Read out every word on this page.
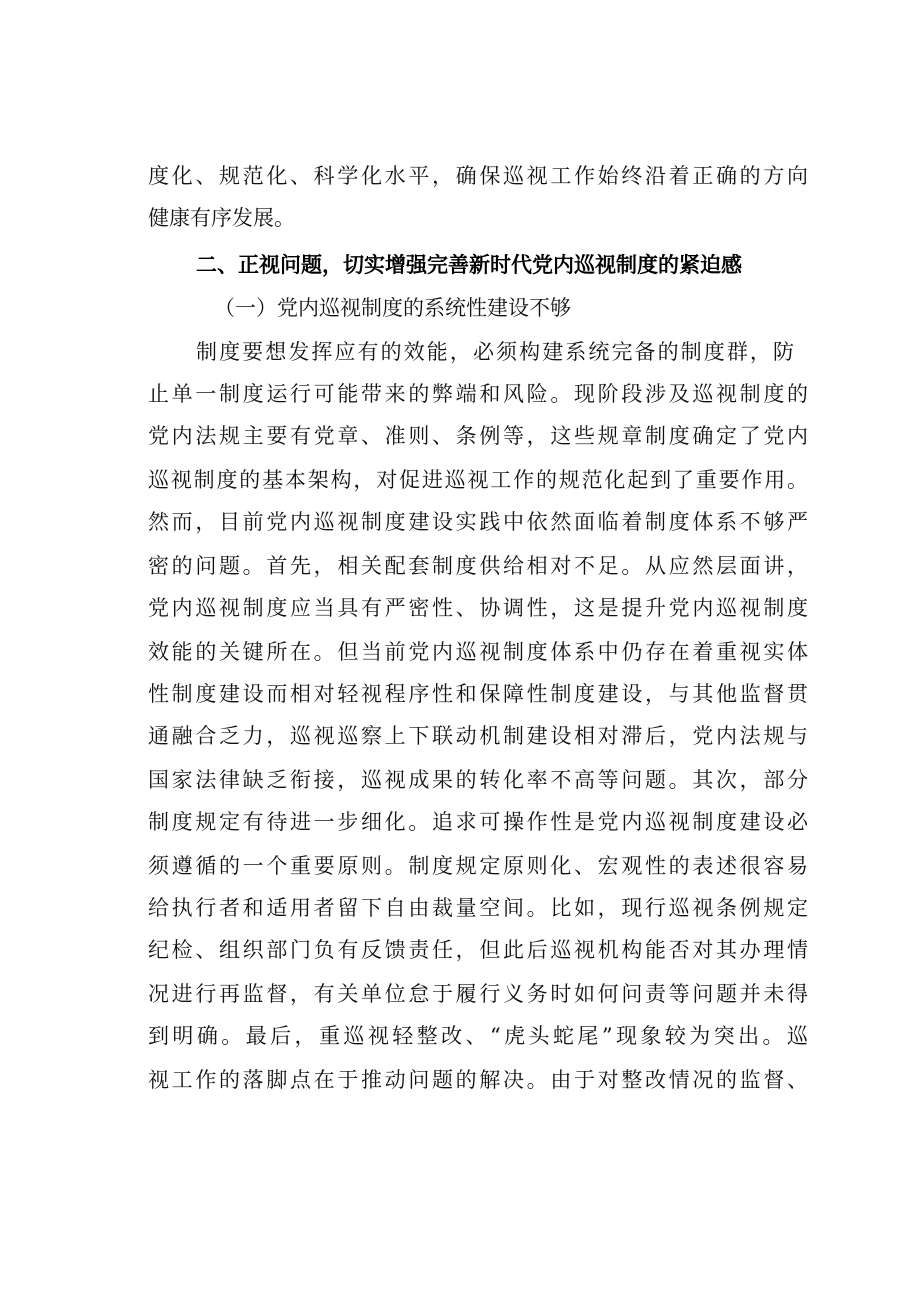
度化、规范化、科学化水平，确保巡视工作始终沿着正确的方向
健康有序发展。
二、正视问题，切实增强完善新时代党内巡视制度的紧迫感
（一）党内巡视制度的系统性建设不够
制度要想发挥应有的效能，必须构建系统完备的制度群，防
止单一制度运行可能带来的弊端和风险。现阶段涉及巡视制度的
党内法规主要有党章、准则、条例等，这些规章制度确定了党内
巡视制度的基本架构，对促进巡视工作的规范化起到了重要作用。
然而，目前党内巡视制度建设实践中依然面临着制度体系不够严
密的问题。首先，相关配套制度供给相对不足。从应然层面讲，
党内巡视制度应当具有严密性、协调性，这是提升党内巡视制度
效能的关键所在。但当前党内巡视制度体系中仍存在着重视实体
性制度建设而相对轻视程序性和保障性制度建设，与其他监督贯
通融合乏力，巡视巡察上下联动机制建设相对滞后，党内法规与
国家法律缺乏衔接，巡视成果的转化率不高等问题。其次，部分
制度规定有待进一步细化。追求可操作性是党内巡视制度建设必
须遵循的一个重要原则。制度规定原则化、宏观性的表述很容易
给执行者和适用者留下自由裁量空间。比如，现行巡视条例规定
纪检、组织部门负有反馈责任，但此后巡视机构能否对其办理情
况进行再监督，有关单位怠于履行义务时如何问责等问题并未得
到明确。最后，重巡视轻整改、“虎头蛇尾”现象较为突出。巡
视工作的落脚点在于推动问题的解决。由于对整改情况的监督、
